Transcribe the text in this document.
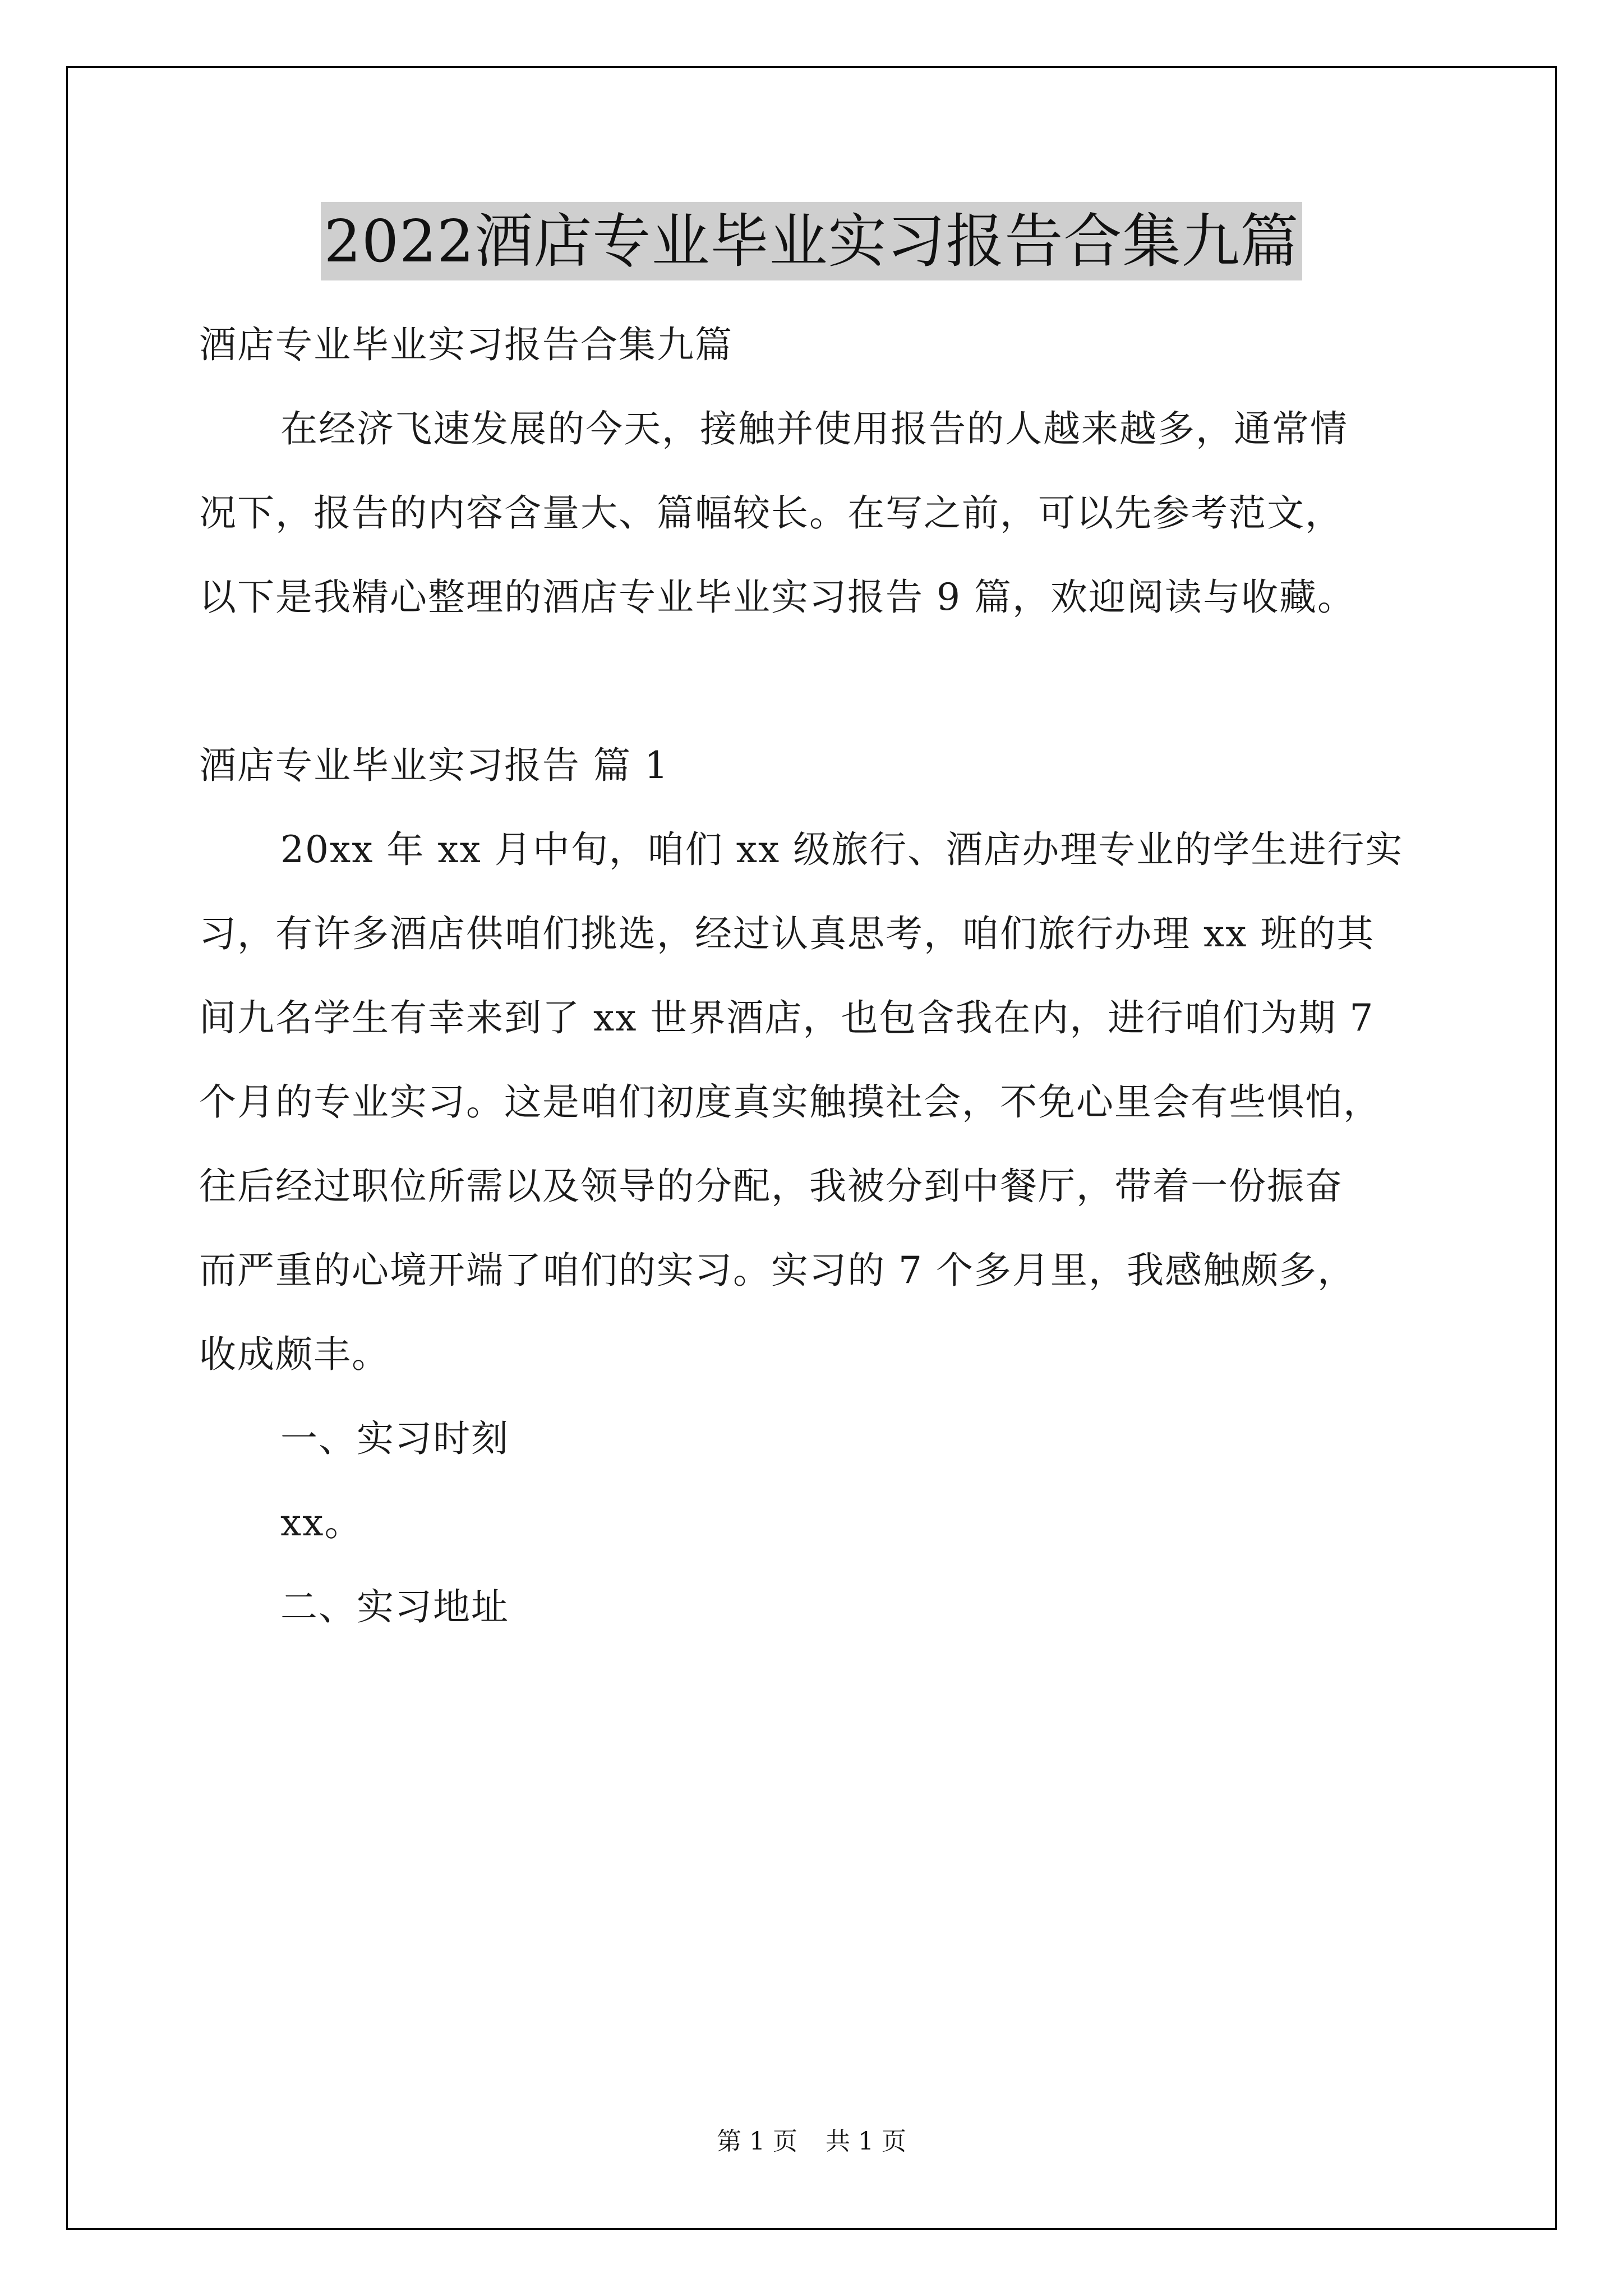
2022酒店专业毕业实习报告合集九篇
酒店专业毕业实习报告合集九篇
在经济飞速发展的今天，接触并使用报告的人越来越多，通常情
况下，报告的内容含量大、篇幅较长。在写之前，可以先参考范文，
以下是我精心整理的酒店专业毕业实习报告 9 篇，欢迎阅读与收藏。
酒店专业毕业实习报告 篇 1
20xx 年 xx 月中旬，咱们 xx 级旅行、酒店办理专业的学生进行实
习，有许多酒店供咱们挑选，经过认真思考，咱们旅行办理 xx 班的其
间九名学生有幸来到了 xx 世界酒店，也包含我在内，进行咱们为期 7
个月的专业实习。这是咱们初度真实触摸社会，不免心里会有些惧怕，
往后经过职位所需以及领导的分配，我被分到中餐厅，带着一份振奋
而严重的心境开端了咱们的实习。实习的 7 个多月里，我感触颇多，
收成颇丰。
一、实习时刻
xx。
二、实习地址
第 1 页 共 1 页
